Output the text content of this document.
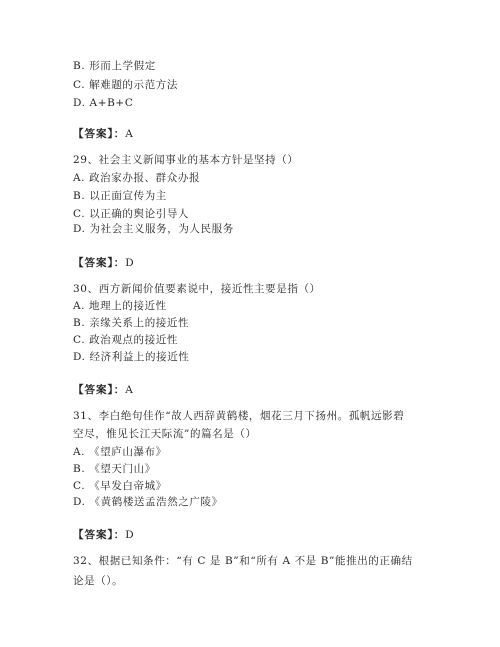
B. 形而上学假定
C. 解难题的示范方法
D. A+B+C
【答案】：A
29、社会主义新闻事业的基本方针是坚持（）
A. 政治家办报、群众办报
B. 以正面宣传为主
C. 以正确的舆论引导人
D. 为社会主义服务，为人民服务
【答案】：D
30、西方新闻价值要素说中，接近性主要是指（）
A. 地理上的接近性
B. 亲缘关系上的接近性
C. 政治观点的接近性
D. 经济利益上的接近性
【答案】：A
31、李白绝句佳作“故人西辞黄鹤楼，烟花三月下扬州。孤帆远影碧
空尽，惟见长江天际流”的篇名是（）
A. 《望庐山瀑布》
B. 《望天门山》
C. 《早发白帝城》
D. 《黄鹤楼送孟浩然之广陵》
【答案】：D
32、根据已知条件：“有 C 是 B”和“所有 A 不是 B”能推出的正确结
论是（）。
